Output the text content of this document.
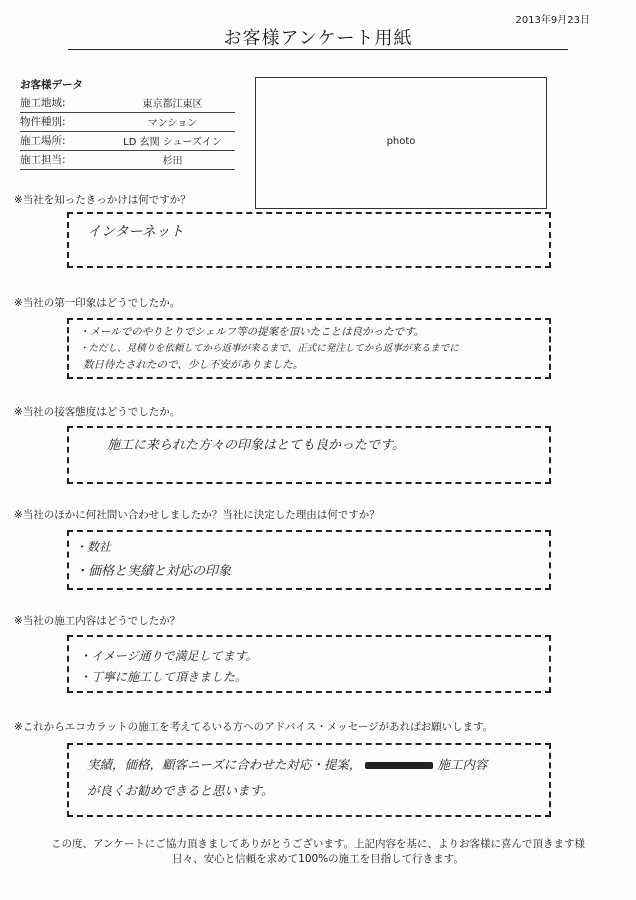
2013年9月23日
お客様アンケート用紙
お客様データ
施工地域:	東京都江東区
物件種別:	マンション
施工場所:	LD 玄関 シューズイン
施工担当:	杉田
photo
※当社を知ったきっかけは何ですか？
インターネット
※当社の第一印象はどうでしたか。
・メールでのやりとりでシェルフ等の提案を頂いたことは良かったです。
・ただし、見積りを依頼してから返事が来るまで、正式に発注してから返事が来るまでに
数日待たされたので、少し不安がありました。
※当社の接客態度はどうでしたか。
施工に来られた方々の印象はとても良かったです。
※当社のほかに何社問い合わせしましたか？当社に決定した理由は何ですか？
・数社
・価格と実績と対応の印象
※当社の施工内容はどうでしたか？
・イメージ通りで満足してます。
・丁寧に施工して頂きました。
※これからエコカラットの施工を考えてるいる方へのアドバイス・メッセージがあればお願いします。
実績，価格，顧客ニーズに合わせた対応・提案，	施工内容
が良くお勧めできると思います。
この度、アンケートにご協力頂きましてありがとうございます。上記内容を基に、よりお客様に喜んで頂きます様
日々、安心と信頼を求めて100%の施工を目指して行きます。
